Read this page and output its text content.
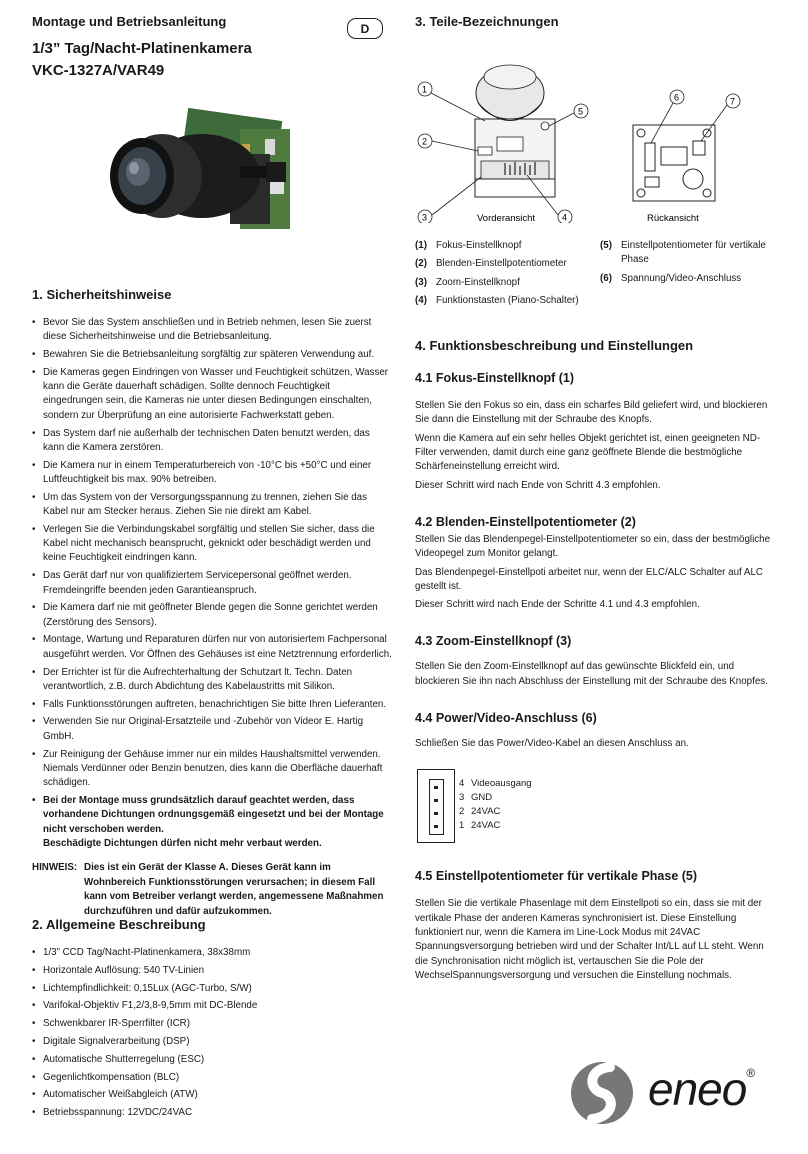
Montage und Betriebsanleitung
1/3” Tag/Nacht-Platinenkamera
VKC-1327A/VAR49
D
1. Sicherheitshinweise
• Bevor Sie das System anschließen und in Betrieb nehmen, lesen Sie zuerst diese Sicherheitshinweise und die Betriebsanleitung.
• Bewahren Sie die Betriebsanleitung sorgfältig zur späteren Verwendung auf.
• Die Kameras gegen Eindringen von Wasser und Feuchtigkeit schützen, Wasser kann die Geräte dauerhaft schädigen. Sollte dennoch Feuchtigkeit eingedrungen sein, die Kameras nie unter diesen Bedingungen einschalten, sondern zur Überprüfung an eine autorisierte Fachwerkstatt geben.
• Das System darf nie außerhalb der technischen Daten benutzt werden, das kann die Kamera zerstören.
• Die Kamera nur in einem Temperaturbereich von -10°C bis +50°C und einer Luftfeuchtigkeit bis max. 90% betreiben.
• Um das System von der Versorgungsspannung zu trennen, ziehen Sie das Kabel nur am Stecker heraus. Ziehen Sie nie direkt am Kabel.
• Verlegen Sie die Verbindungskabel sorgfältig und stellen Sie sicher, dass die Kabel nicht mechanisch beansprucht, geknickt oder beschädigt werden und keine Feuchtigkeit eindringen kann.
• Das Gerät darf nur von qualifiziertem Servicepersonal geöffnet werden. Fremdeingriffe beenden jeden Garantieanspruch.
• Die Kamera darf nie mit geöffneter Blende gegen die Sonne gerichtet werden (Zerstörung des Sensors).
• Montage, Wartung und Reparaturen dürfen nur von autorisiertem Fachpersonal ausgeführt werden. Vor Öffnen des Gehäuses ist eine Netztrennung erforderlich.
• Der Errichter ist für die Aufrechterhaltung der Schutzart lt. Techn. Daten verantwortlich, z.B. durch Abdichtung des Kabelaustritts mit Silikon.
• Falls Funktionsstörungen auftreten, benachrichtigen Sie bitte Ihren Lieferanten.
• Verwenden Sie nur Original-Ersatzteile und -Zubehör von Videor E. Hartig GmbH.
• Zur Reinigung der Gehäuse immer nur ein mildes Haushaltsmittel verwenden. Niemals Verdünner oder Benzin benutzen, dies kann die Oberfläche dauerhaft schädigen.
• Bei der Montage muss grundsätzlich darauf geachtet werden, dass vorhandene Dichtungen ordnungsgemäß eingesetzt und bei der Montage nicht verschoben werden.
Beschädigte Dichtungen dürfen nicht mehr verbaut werden.
HINWEIS: Dies ist ein Gerät der Klasse A. Dieses Gerät kann im Wohnbereich Funktionsstörungen verursachen; in diesem Fall kann vom Betreiber verlangt werden, angemessene Maßnahmen durchzuführen und dafür aufzukommen.
2. Allgemeine Beschreibung
• 1/3” CCD Tag/Nacht-Platinenkamera, 38x38mm
• Horizontale Auflösung: 540 TV-Linien
• Lichtempfindlichkeit: 0,15Lux (AGC-Turbo, S/W)
• Varifokal-Objektiv F1,2/3,8-9,5mm mit DC-Blende
• Schwenkbarer IR-Sperrfilter (ICR)
• Digitale Signalverarbeitung (DSP)
• Automatische Shutterregelung (ESC)
• Gegenlichtkompensation (BLC)
• Automatischer Weißabgleich (ATW)
• Betriebsspannung: 12VDC/24VAC
3. Teile-Bezeichnungen
1
2
3	4
5
Vorderansicht
6	7
Rückansicht
(1) Fokus-Einstellknopf
(2) Blenden-Einstellpotentiometer
(3) Zoom-Einstellknopf
(4) Funktionstasten (Piano-Schalter)
(5) Einstellpotentiometer für vertikale Phase
(6) Spannung/Video-Anschluss
4. Funktionsbeschreibung und Einstellungen
4.1 Fokus-Einstellknopf (1)

Stellen Sie den Fokus so ein, dass ein scharfes Bild geliefert wird, und blockieren Sie dann die Einstellung mit der Schraube des Knopfs.

Wenn die Kamera auf ein sehr helles Objekt gerichtet ist, einen geeigneten ND-Filter verwenden, damit durch eine ganz geöffnete Blende die bestmögliche Schärfeneinstellung erreicht wird.

Dieser Schritt wird nach Ende von Schritt 4.3 empfohlen.

4.2 Blenden-Einstellpotentiometer (2)

Stellen Sie das Blendenpegel-Einstellpotentiometer so ein, dass der bestmögliche Videopegel zum Monitor gelangt.

Das Blendenpegel-Einstellpoti arbeitet nur, wenn der ELC/ALC Schalter auf ALC gestellt ist.

Dieser Schritt wird nach Ende der Schritte 4.1 und 4.3 empfohlen.

4.3 Zoom-Einstellknopf (3)

Stellen Sie den Zoom-Einstellknopf auf das gewünschte Blickfeld ein, und blockieren Sie ihn nach Abschluss der Einstellung mit der Schraube des Knopfes.

4.4 Power/Video-Anschluss (6)

Schließen Sie das Power/Video-Kabel an diesen Anschluss an.

4 Videoausgang
3 GND
2 24VAC
1 24VAC
4.5 Einstellpotentiometer für vertikale Phase (5)

Stellen Sie die vertikale Phasenlage mit dem Einstellpoti so ein, dass sie mit der vertikale Phase der anderen Kameras synchronisiert ist. Diese Einstellung funktioniert nur, wenn die Kamera im Line-Lock Modus mit 24VAC Spannungsversorgung betrieben wird und der Schalter Int/LL auf LL steht. Wenn die Synchronisation nicht möglich ist, vertauschen Sie die Pole der WechselSpannungsversorgung und versuchen die Einstellung nochmals.

eneo®
